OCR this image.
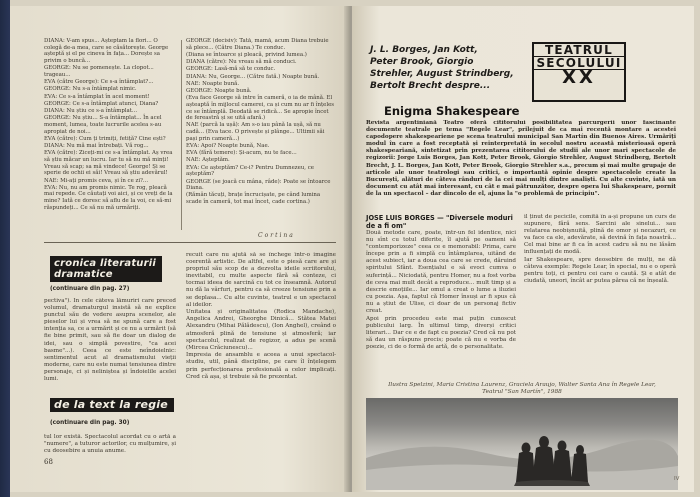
DIANA: V-am spus... Așteptam la flori... O colegă de-a mea, care se căsătorește. George așteptă și el pe cineva în fața... Dorește sa privim o buncă...

GEORGE: Nu se pomenește. La clopot... trageau...

EVA (către George): Ce s-a întâmplat?...

GEORGE: Nu s-a întâmplat nimic.

EVA: Ce s-a întâmplat în acel moment!

GEORGE: Ce s-a întâmplat atunci, Diana?

DIANA: Nu știu ce s-a întâmplat...

GEORGE: Nu știu... S-a întâmplat... În acel moment, lumea, toate lucrurile acelea s-au apropiat de noi...

EVA (către): Cum ți trimiți, fetiță? Cine ești?

DIANA: Nu mă mai întrebați. Vă rog...

EVA (către): Ziceți-mi ce s-a întâmplat. Aș vrea să știu măcar un lucru. Iar tu să nu mă minți! Vreau să scap; sa mă vindece! George! Și se sperie de ochii ei săi! Vreau să știu adevărul!

NAE: Mi-ați promis ceva, și în ce zi?...

EVA: Nu, nu am promis nimic. Te rog, pleacă mai repede. Ce căutați voi aici, și ce vreți de la mine? Iată ce doresc să aflu de la voi, ce să-mi răspundeți... Ce să nu mă urmăriți.

GEORGE (decisiv): Tată, mamă, acum Diana trebuie să plece... (Către Diana.) Te conduc.

(Diana se întoarce și pleacă, privind lumea.)

DIANA (către): Nu vreau să mă conduci.

GEORGE: Lasă-mă să te conduc.

DIANA: Nu, George... (Către fată.) Noapte bună.

NAE: Noapte bună.

GEORGE: Noapte bună.

(Eva face George să intre în cameră, o ia de mână. El așteaptă în mijlocul camerei, ca și cum nu ar fi înțeles ce se întâmplă. Deodată se ridică... Se apropie încet de fereastră și se uită afară.)

NAE (parcă la ușă): Am s-o iau până la ușă, să nu cadă... (Eva tace. O privește și plânge... Ultimii săi pași prin cameră...)

EVA: Apoi? Noapte bună, Nae.

EVA (fără temere): Și-acum, nu te face...

NAE: Așteptăm.

EVA: Ce așteptăm? Ce-i? Pentru Dumnezeu, ce așteptăm?

GEORGE (se joacă cu mâna, râde): Poate se întoarce Diana.

(Rămân tăcuți, brațe încrucișate, pe când lumina scade în cameră, tot mai încet, cade cortina.)

Cortina
cronica literaturii dramatice
(continuare din pag. 27)

pectiva"). În cele câteva lămuriri care preced volumul, dramaturgul insistă să ne explice punctul său de vedere asupra scenelor, ale pieselor lui și vrea să ne spună care a fost intenția sa, ce a urmărit și ce nu a urmărit (să fie bine primit, sau să fie doar un dialog de idei, sau o simplă povestire, "ca acei basme"...). Ceea ce este neîndoielnic: sentimentul acut al dramatismului vieții moderne, care nu este numai tensiunea dintre personaje, ci și neliniștea și îndoielile acelei lumi.

recuit care nu ajută să se închege într-o imagine coerentă artistic. De altfel, este o piesă care are și propriul său scop de a dezvolta ideile scriitorului, inevitabil, cu multe aspecte fără să conteze, ci tocmai ideea de sarcină cu tot ce înseamnă. Autorul nu dă la vârfuri, pentru ca să creeze tensiune prin a se deplasa... Cu alte cuvinte, teatrul e un spectacol al ideilor.

Unitatea și originalitatea (Rodica Mandache), Angelica Andrei, Gheorghe Dinică... Stătea Matei Alexandru (Mihai Pălădescu), (Ion Anghel), creând o atmosferă plină de tensiune și atmosferă; iar spectacolul, realizat de regizor, a adus pe scenă (Mircea Crăciunescu)...

Impresia de ansamblu e aceea a unui spectacol-studiu, util, până discipline, pe care îl înțelegem prin perfecționarea profesională a celor implicați. Cred că așa, și trebuie să fie prezentat.

de la text la regie
(continuare din pag. 30)
tul lor există. Spectacolul acordat cu o artă a "numere", a tuturor actorilor, cu mulțumire, și cu deosebire a unuia anume.
68
J. L. Borges, Jan Kott,
Peter Brook, Giorgio
Strehler, August Strindberg,
Bertolt Brecht despre...
TEATRUL
SECOLULUI
XX
Enigma Shakespeare
Revista argentiniană Teatro oferă cititorului posibilitatea parcurgerii unor fascinante documente teatrale pe tema "Regele Lear", prilejuit de ca mai recentă montare a acestei capodopere shakespeariene pe scena teatrului municipal San Martín din Buenos Aires. Urmăriți modul în care a fost receptată și reinterpretată în secolul nostru această misterioasă operă shakespeariană, sintetizat prin prezentarea cititorului de studii ale unor mari spectacole de regizorii: Jorge Luis Borges, Jan Kott, Peter Brook, Giorgio Strehler, August Strindberg, Bertolt Brecht, J. L. Borges, Jan Kott, Peter Brook, Giorgio Strehler s.a., precum și mai multe grupaje de articole ale unor teatrologi sau critici, o importantă opinie despre spectacolele create la București, alături de câteva rânduri de la cei mai mulți dintre analiști. Cu alte cuvinte, iată un document cu atât mai interesant, cu cât e mai pătrunzător, despre opera lui Shakespeare, pornit de la un spectacol – dar dincolo de el, ajuns la "o problemă de principiu".
JOSE LUIS BORGES — "Diversele moduri de a fi om"

Două metode care, poate, într-un fel identice, nici nu sînt cu totul diferite, îl ajută pe oameni să "contemporizeze" ceea ce e memorabil: Prima, care începe prin a fi simplă cu întâmplarea, uitând de acest subiect, iar a doua cea care se crede, dăruind spiritului Sfânt. Esențialul e să evoci cumva o suferință... Niciodată, pentru Homer, nu a fost vorba de ceva mai mult decât a reproduce... mult timp și a descrie emoțiile... Iar omul a creat o lume a iluziei cu poezia. Așa, faptul că Homer însuși ar fi spus că nu a știut de Ulise, ci doar de un personaj fictiv creat.

Apoi prin procedeu este mai puțin cunoscut publicului larg. În ultimul timp, diverși critici literari... Dar ce e de fapt cu poezia? Cred că nu pot să dau un răspuns precis; poate că nu e vorba de poezie, ci de o formă de artă, de o personalitate.

il ținut de pecicile, comită în a-și propune un curs de supunere, fără sens. Sarcini ale sinelui... sau relatarea neobișnuită, plină de omor și necazuri, ce va face ca ele, adevărate, să devină în fața noastră... Cel mai bine ar fi ca în acest cadru să nu ne lăsăm influențați de modă.

Iar Shakespeare, spre deosebire de mulți, ne dă câteva exemple: Regele Lear, în special, nu e o operă pentru toți, ci pentru cei care o caută. Și e atât de ciudată, uneori, încât ar putea părea că ne înșeală.

Ilustra Spelzini, Maria Cristina Laurenz, Graciela Araujo, Walter Santa Ana în Regele Lear, Teatrul "San Martín", 1988
IV
